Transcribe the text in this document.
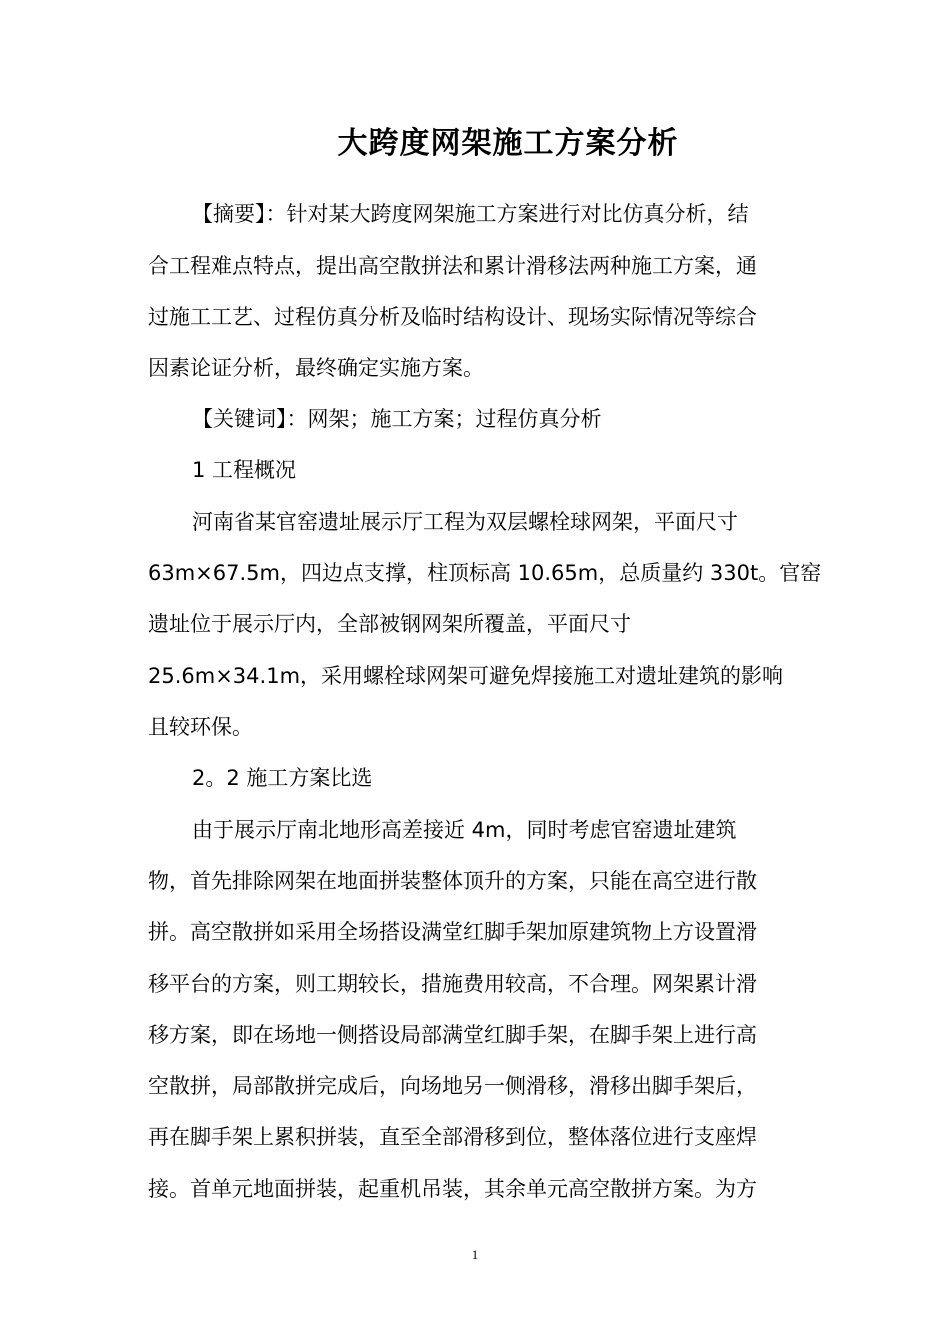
大跨度网架施工方案分析

【摘要】：针对某大跨度网架施工方案进行对比仿真分析，结

合工程难点特点，提出高空散拼法和累计滑移法两种施工方案，通

过施工工艺、过程仿真分析及临时结构设计、现场实际情况等综合

因素论证分析，最终确定实施方案。

【关键词】：网架；施工方案；过程仿真分析

1 工程概况

河南省某官窑遗址展示厅工程为双层螺栓球网架，平面尺寸

63m×67.5m，四边点支撑，柱顶标高 10.65m，总质量约 330t。官窑

遗址位于展示厅内，全部被钢网架所覆盖，平面尺寸

25.6m×34.1m，采用螺栓球网架可避免焊接施工对遗址建筑的影响

且较环保。

2。2 施工方案比选

由于展示厅南北地形高差接近 4m，同时考虑官窑遗址建筑

物，首先排除网架在地面拼装整体顶升的方案，只能在高空进行散

拼。高空散拼如采用全场搭设满堂红脚手架加原建筑物上方设置滑

移平台的方案，则工期较长，措施费用较高，不合理。网架累计滑

移方案，即在场地一侧搭设局部满堂红脚手架，在脚手架上进行高

空散拼，局部散拼完成后，向场地另一侧滑移，滑移出脚手架后，

再在脚手架上累积拼装，直至全部滑移到位，整体落位进行支座焊

接。首单元地面拼装，起重机吊装，其余单元高空散拼方案。为方

1
